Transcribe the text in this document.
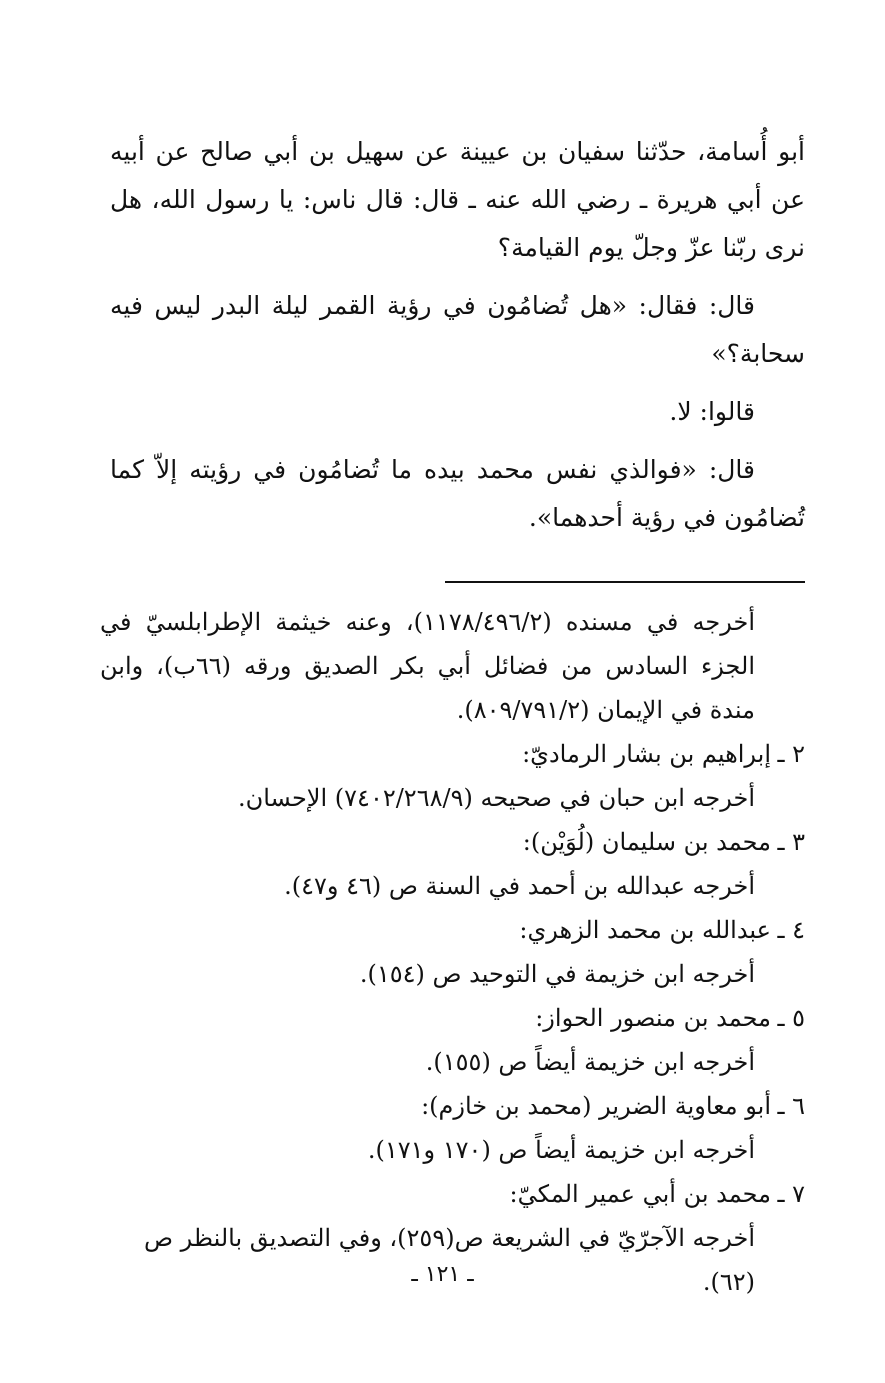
أبو أُسامة، حدّثنا سفيان بن عيينة عن سهيل بن أبي صالح عن أبيه عن أبي هريرة ـ رضي الله عنه ـ قال: قال ناس: يا رسول الله، هل نرى ربّنا عزّ وجلّ يوم القيامة؟

قال: فقال: «هل تُضامُون في رؤية القمر ليلة البدر ليس فيه سحابة؟»

قالوا: لا.

قال: «فوالذي نفس محمد بيده ما تُضامُون في رؤيته إلاّ كما تُضامُون في رؤية أحدهما».

أخرجه في مسنده (١١٧٨/٤٩٦/٢)، وعنه خيثمة الإطرابلسيّ في الجزء السادس من فضائل أبي بكر الصديق ورقه (٦٦ب)، وابن مندة في الإيمان (٨٠٩/٧٩١/٢).

٢ ـإبراهيم بن بشار الرماديّ:
أخرجه ابن حبان في صحيحه (٧٤٠٢/٢٦٨/٩) الإحسان.
٣ ـمحمد بن سليمان (لُوَيْن):
أخرجه عبدالله بن أحمد في السنة ص (٤٦ و٤٧).
٤ ـعبدالله بن محمد الزهري:
أخرجه ابن خزيمة في التوحيد ص (١٥٤).
٥ ـمحمد بن منصور الحواز:
أخرجه ابن خزيمة أيضاً ص (١٥٥).
٦ ـأبو معاوية الضرير (محمد بن خازم):
أخرجه ابن خزيمة أيضاً ص (١٧٠ و١٧١).
٧ ـمحمد بن أبي عمير المكيّ:
أخرجه الآجرّيّ في الشريعة ص(٢٥٩)، وفي التصديق بالنظر ص (٦٢).
ـ ١٢١ ـ
